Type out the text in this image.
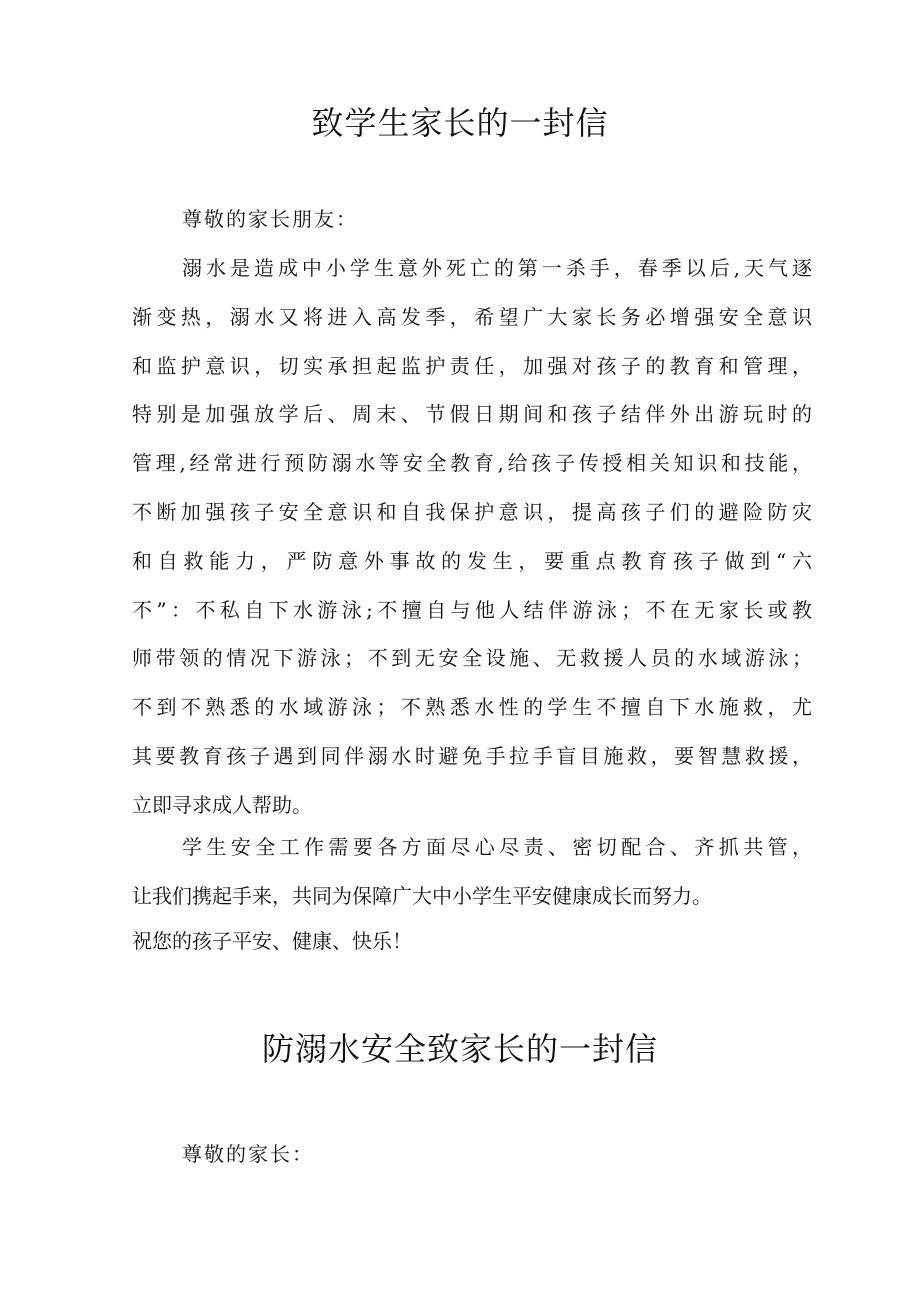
致学生家长的一封信

尊敬的家长朋友：

溺水是造成中小学生意外死亡的第一杀手，春季以后,天气逐
渐变热，溺水又将进入高发季，希望广大家长务必增强安全意识
和监护意识，切实承担起监护责任，加强对孩子的教育和管理，
特别是加强放学后、周末、节假日期间和孩子结伴外出游玩时的
管理,经常进行预防溺水等安全教育,给孩子传授相关知识和技能，
不断加强孩子安全意识和自我保护意识，提高孩子们的避险防灾
和自救能力，严防意外事故的发生，要重点教育孩子做到“六
不”：不私自下水游泳;不擅自与他人结伴游泳；不在无家长或教
师带领的情况下游泳；不到无安全设施、无救援人员的水域游泳；
不到不熟悉的水域游泳；不熟悉水性的学生不擅自下水施救，尤
其要教育孩子遇到同伴溺水时避免手拉手盲目施救，要智慧救援，
立即寻求成人帮助。
学生安全工作需要各方面尽心尽责、密切配合、齐抓共管，
让我们携起手来，共同为保障广大中小学生平安健康成长而努力。
祝您的孩子平安、健康、快乐！
防溺水安全致家长的一封信

尊敬的家长：
